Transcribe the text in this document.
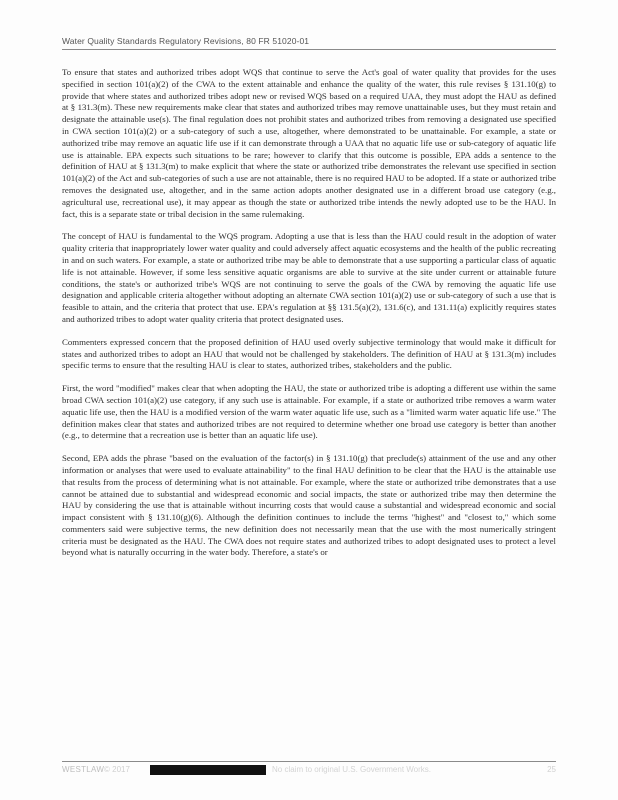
Water Quality Standards Regulatory Revisions, 80 FR 51020-01

To ensure that states and authorized tribes adopt WQS that continue to serve the Act's goal of water quality that provides for the uses specified in section 101(a)(2) of the CWA to the extent attainable and enhance the quality of the water, this rule revises § 131.10(g) to provide that where states and authorized tribes adopt new or revised WQS based on a required UAA, they must adopt the HAU as defined at § 131.3(m). These new requirements make clear that states and authorized tribes may remove unattainable uses, but they must retain and designate the attainable use(s). The final regulation does not prohibit states and authorized tribes from removing a designated use specified in CWA section 101(a)(2) or a sub-category of such a use, altogether, where demonstrated to be unattainable. For example, a state or authorized tribe may remove an aquatic life use if it can demonstrate through a UAA that no aquatic life use or sub-category of aquatic life use is attainable. EPA expects such situations to be rare; however to clarify that this outcome is possible, EPA adds a sentence to the definition of HAU at § 131.3(m) to make explicit that where the state or authorized tribe demonstrates the relevant use specified in section 101(a)(2) of the Act and sub-categories of such a use are not attainable, there is no required HAU to be adopted. If a state or authorized tribe removes the designated use, altogether, and in the same action adopts another designated use in a different broad use category (e.g., agricultural use, recreational use), it may appear as though the state or authorized tribe intends the newly adopted use to be the HAU. In fact, this is a separate state or tribal decision in the same rulemaking.

The concept of HAU is fundamental to the WQS program. Adopting a use that is less than the HAU could result in the adoption of water quality criteria that inappropriately lower water quality and could adversely affect aquatic ecosystems and the health of the public recreating in and on such waters. For example, a state or authorized tribe may be able to demonstrate that a use supporting a particular class of aquatic life is not attainable. However, if some less sensitive aquatic organisms are able to survive at the site under current or attainable future conditions, the state's or authorized tribe's WQS are not continuing to serve the goals of the CWA by removing the aquatic life use designation and applicable criteria altogether without adopting an alternate CWA section 101(a)(2) use or sub-category of such a use that is feasible to attain, and the criteria that protect that use. EPA's regulation at §§ 131.5(a)(2), 131.6(c), and 131.11(a) explicitly requires states and authorized tribes to adopt water quality criteria that protect designated uses.

Commenters expressed concern that the proposed definition of HAU used overly subjective terminology that would make it difficult for states and authorized tribes to adopt an HAU that would not be challenged by stakeholders. The definition of HAU at § 131.3(m) includes specific terms to ensure that the resulting HAU is clear to states, authorized tribes, stakeholders and the public.

First, the word "modified" makes clear that when adopting the HAU, the state or authorized tribe is adopting a different use within the same broad CWA section 101(a)(2) use category, if any such use is attainable. For example, if a state or authorized tribe removes a warm water aquatic life use, then the HAU is a modified version of the warm water aquatic life use, such as a "limited warm water aquatic life use." The definition makes clear that states and authorized tribes are not required to determine whether one broad use category is better than another (e.g., to determine that a recreation use is better than an aquatic life use).

Second, EPA adds the phrase "based on the evaluation of the factor(s) in § 131.10(g) that preclude(s) attainment of the use and any other information or analyses that were used to evaluate attainability" to the final HAU definition to be clear that the HAU is the attainable use that results from the process of determining what is not attainable. For example, where the state or authorized tribe demonstrates that a use cannot be attained due to substantial and widespread economic and social impacts, the state or authorized tribe may then determine the HAU by considering the use that is attainable without incurring costs that would cause a substantial and widespread economic and social impact consistent with § 131.10(g)(6). Although the definition continues to include the terms "highest" and "closest to," which some commenters said were subjective terms, the new definition does not necessarily mean that the use with the most numerically stringent criteria must be designated as the HAU. The CWA does not require states and authorized tribes to adopt designated uses to protect a level beyond what is naturally occurring in the water body. Therefore, a state's or

WESTLAW © 2017	No claim to original U.S. Government Works.	25
